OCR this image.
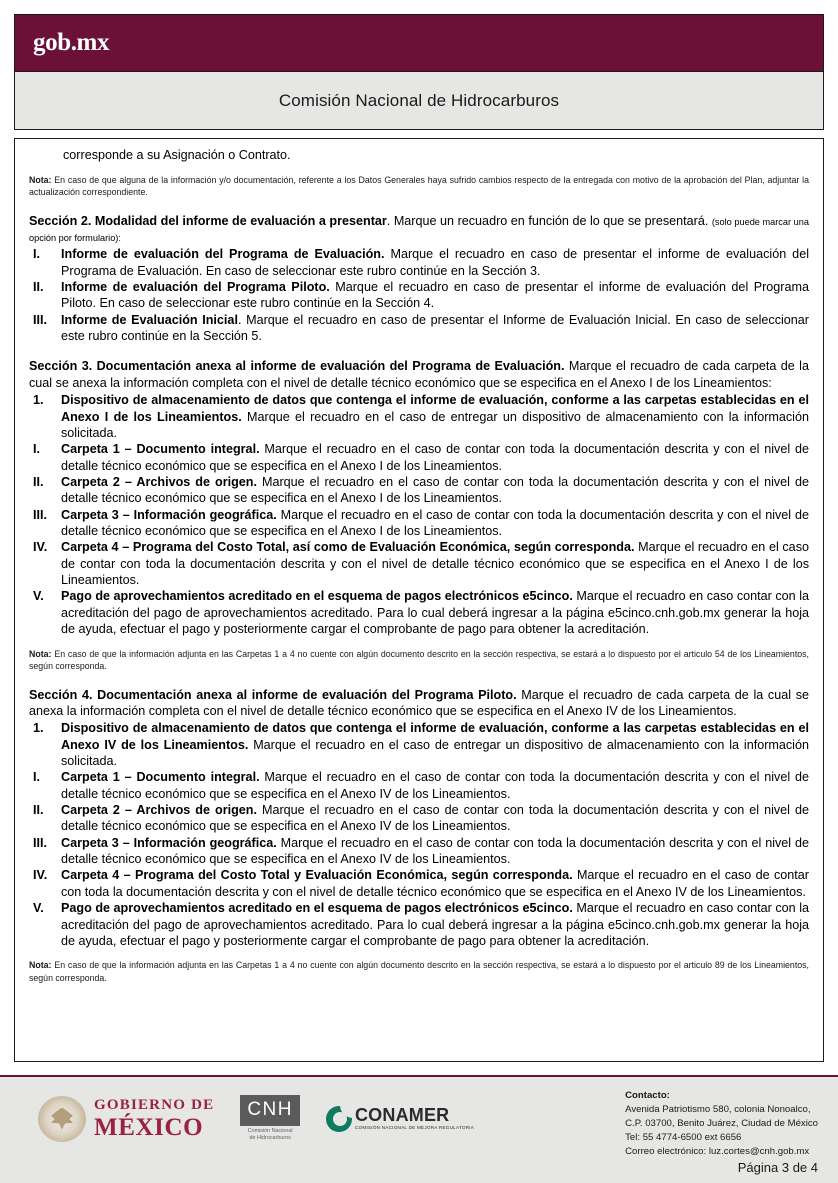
gob.mx
Comisión Nacional de Hidrocarburos
corresponde a su Asignación o Contrato.

Nota: En caso de que alguna de la información y/o documentación, referente a los Datos Generales haya sufrido cambios respecto de la entregada con motivo de la aprobación del Plan, adjuntar la actualización correspondiente.

Sección 2. Modalidad del informe de evaluación a presentar. Marque un recuadro en función de lo que se presentará. (solo puede marcar una opción por formulario):
I.	Informe de evaluación del Programa de Evaluación. Marque el recuadro en caso de presentar el informe de evaluación del Programa de Evaluación. En caso de seleccionar este rubro continúe en la Sección 3.
II.	Informe de evaluación del Programa Piloto. Marque el recuadro en caso de presentar el informe de evaluación del Programa Piloto. En caso de seleccionar este rubro continúe en la Sección 4.
III.	Informe de Evaluación Inicial. Marque el recuadro en caso de presentar el Informe de Evaluación Inicial. En caso de seleccionar este rubro continúe en la Sección 5.
Sección 3. Documentación anexa al informe de evaluación del Programa de Evaluación. Marque el recuadro de cada carpeta de la cual se anexa la información completa con el nivel de detalle técnico económico que se especifica en el Anexo I de los Lineamientos:
1.	Dispositivo de almacenamiento de datos que contenga el informe de evaluación, conforme a las carpetas establecidas en el Anexo I de los Lineamientos. Marque el recuadro en el caso de entregar un dispositivo de almacenamiento con la información solicitada.
I.	Carpeta 1 – Documento integral. Marque el recuadro en el caso de contar con toda la documentación descrita y con el nivel de detalle técnico económico que se especifica en el Anexo I de los Lineamientos.
II.	Carpeta 2 – Archivos de origen. Marque el recuadro en el caso de contar con toda la documentación descrita y con el nivel de detalle técnico económico que se especifica en el Anexo I de los Lineamientos.
III.	Carpeta 3 – Información geográfica. Marque el recuadro en el caso de contar con toda la documentación descrita y con el nivel de detalle técnico económico que se especifica en el Anexo I de los Lineamientos.
IV.	Carpeta 4 – Programa del Costo Total, así como de Evaluación Económica, según corresponda. Marque el recuadro en el caso de contar con toda la documentación descrita y con el nivel de detalle técnico económico que se especifica en el Anexo I de los Lineamientos.
V.	Pago de aprovechamientos acreditado en el esquema de pagos electrónicos e5cinco. Marque el recuadro en caso contar con la acreditación del pago de aprovechamientos acreditado. Para lo cual deberá ingresar a la página e5cinco.cnh.gob.mx generar la hoja de ayuda, efectuar el pago y posteriormente cargar el comprobante de pago para obtener la acreditación.

Nota: En caso de que la información adjunta en las Carpetas 1 a 4 no cuente con algún documento descrito en la sección respectiva, se estará a lo dispuesto por el articulo 54 de los Lineamientos, según corresponda.

Sección 4. Documentación anexa al informe de evaluación del Programa Piloto. Marque el recuadro de cada carpeta de la cual se anexa la información completa con el nivel de detalle técnico económico que se especifica en el Anexo IV de los Lineamientos.
1.	Dispositivo de almacenamiento de datos que contenga el informe de evaluación, conforme a las carpetas establecidas en el Anexo IV de los Lineamientos. Marque el recuadro en el caso de entregar un dispositivo de almacenamiento con la información solicitada.
I.	Carpeta 1 – Documento integral. Marque el recuadro en el caso de contar con toda la documentación descrita y con el nivel de detalle técnico económico que se especifica en el Anexo IV de los Lineamientos.
II.	Carpeta 2 – Archivos de origen. Marque el recuadro en el caso de contar con toda la documentación descrita y con el nivel de detalle técnico económico que se especifica en el Anexo IV de los Lineamientos.
III.	Carpeta 3 – Información geográfica. Marque el recuadro en el caso de contar con toda la documentación descrita y con el nivel de detalle técnico económico que se especifica en el Anexo IV de los Lineamientos.
IV.	Carpeta 4 – Programa del Costo Total y Evaluación Económica, según corresponda. Marque el recuadro en el caso de contar con toda la documentación descrita y con el nivel de detalle técnico económico que se especifica en el Anexo IV de los Lineamientos.
V.	Pago de aprovechamientos acreditado en el esquema de pagos electrónicos e5cinco. Marque el recuadro en caso contar con la acreditación del pago de aprovechamientos acreditado. Para lo cual deberá ingresar a la página e5cinco.cnh.gob.mx generar la hoja de ayuda, efectuar el pago y posteriormente cargar el comprobante de pago para obtener la acreditación.

Nota: En caso de que la información adjunta en las Carpetas 1 a 4 no cuente con algún documento descrito en la sección respectiva, se estará a lo dispuesto por el articulo 89 de los Lineamientos, según corresponda.

GOBIERNO DE
MÉXICO
CNH
Comisión Nacional
de Hidrocarburos
CONAMER
COMISIÓN NACIONAL DE MEJORA REGULATORIA
Contacto:
Avenida Patriotismo 580, colonia Nonoalco,
C.P. 03700, Benito Juárez, Ciudad de México
Tel: 55 4774-6500 ext 6656
Correo electrónico: luz.cortes@cnh.gob.mx
Página 3 de 4
